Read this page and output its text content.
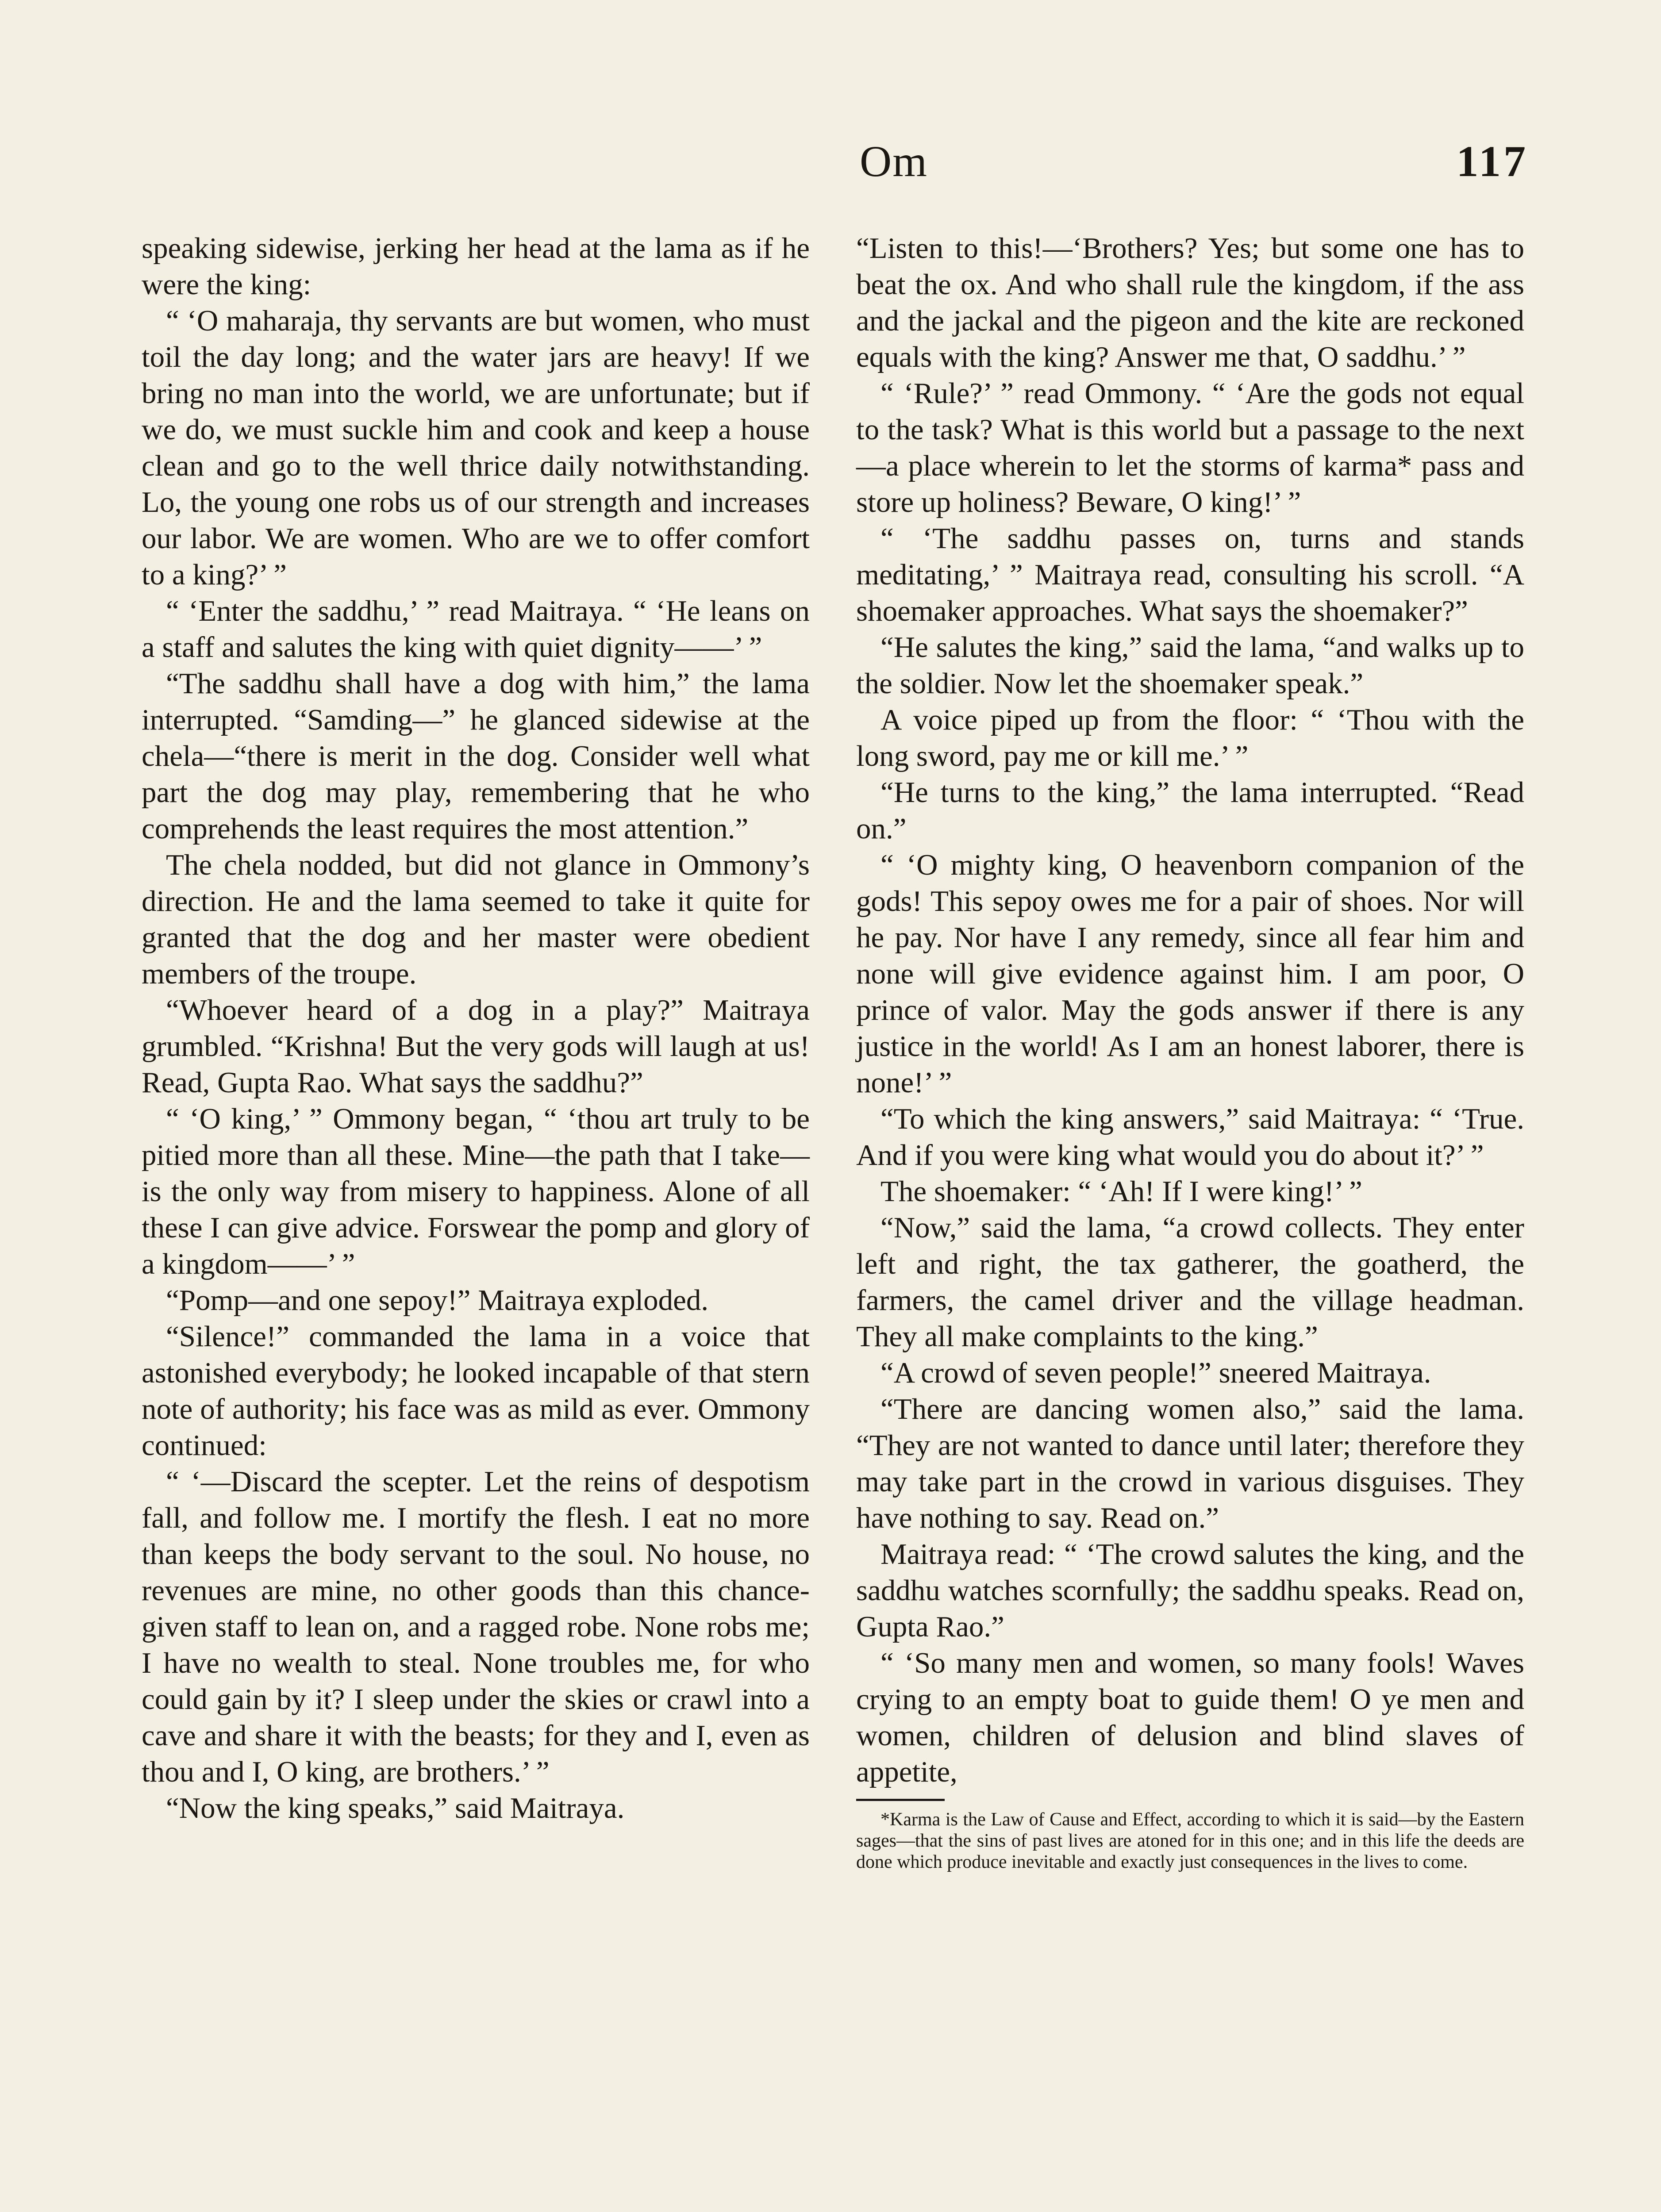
Om	117

speaking sidewise, jerking her head at the lama as if he were the king:

“ ‘O maharaja, thy servants are but women, who must toil the day long; and the water jars are heavy! If we bring no man into the world, we are unfortunate; but if we do, we must suckle him and cook and keep a house clean and go to the well thrice daily notwithstanding. Lo, the young one robs us of our strength and increases our labor. We are women. Who are we to offer comfort to a king?’ ”

“ ‘Enter the saddhu,’ ” read Maitraya. “ ‘He leans on a staff and salutes the king with quiet dignity——’ ”

“The saddhu shall have a dog with him,” the lama interrupted. “Samding—” he glanced sidewise at the chela—“there is merit in the dog. Consider well what part the dog may play, remembering that he who comprehends the least requires the most attention.”

The chela nodded, but did not glance in Ommony’s direction. He and the lama seemed to take it quite for granted that the dog and her master were obedient members of the troupe.

“Whoever heard of a dog in a play?” Maitraya grumbled. “Krishna! But the very gods will laugh at us! Read, Gupta Rao. What says the saddhu?”

“ ‘O king,’ ” Ommony began, “ ‘thou art truly to be pitied more than all these. Mine—the path that I take—is the only way from misery to happiness. Alone of all these I can give advice. Forswear the pomp and glory of a kingdom——’ ”

“Pomp—and one sepoy!” Maitraya exploded.

“Silence!” commanded the lama in a voice that astonished everybody; he looked incapable of that stern note of authority; his face was as mild as ever. Ommony continued:

“ ‘—Discard the scepter. Let the reins of despotism fall, and follow me. I mortify the flesh. I eat no more than keeps the body servant to the soul. No house, no revenues are mine, no other goods than this chance-given staff to lean on, and a ragged robe. None robs me; I have no wealth to steal. None troubles me, for who could gain by it? I sleep under the skies or crawl into a cave and share it with the beasts; for they and I, even as thou and I, O king, are brothers.’ ”

“Now the king speaks,” said Maitraya.

“Listen to this!—‘Brothers? Yes; but some one has to beat the ox. And who shall rule the kingdom, if the ass and the jackal and the pigeon and the kite are reckoned equals with the king? Answer me that, O saddhu.’ ”

“ ‘Rule?’ ” read Ommony. “ ‘Are the gods not equal to the task? What is this world but a passage to the next—a place wherein to let the storms of karma* pass and store up holiness? Beware, O king!’ ”

“ ‘The saddhu passes on, turns and stands meditating,’ ” Maitraya read, consulting his scroll. “A shoemaker approaches. What says the shoemaker?”

“He salutes the king,” said the lama, “and walks up to the soldier. Now let the shoemaker speak.”

A voice piped up from the floor: “ ‘Thou with the long sword, pay me or kill me.’ ”

“He turns to the king,” the lama interrupted. “Read on.”

“ ‘O mighty king, O heavenborn companion of the gods! This sepoy owes me for a pair of shoes. Nor will he pay. Nor have I any remedy, since all fear him and none will give evidence against him. I am poor, O prince of valor. May the gods answer if there is any justice in the world! As I am an honest laborer, there is none!’ ”

“To which the king answers,” said Maitraya: “ ‘True. And if you were king what would you do about it?’ ”

The shoemaker: “ ‘Ah! If I were king!’ ”

“Now,” said the lama, “a crowd collects. They enter left and right, the tax gatherer, the goatherd, the farmers, the camel driver and the village headman. They all make complaints to the king.”

“A crowd of seven people!” sneered Maitraya.

“There are dancing women also,” said the lama. “They are not wanted to dance until later; therefore they may take part in the crowd in various disguises. They have nothing to say. Read on.”

Maitraya read: “ ‘The crowd salutes the king, and the saddhu watches scornfully; the saddhu speaks. Read on, Gupta Rao.”

“ ‘So many men and women, so many fools! Waves crying to an empty boat to guide them! O ye men and women, children of delusion and blind slaves of appetite,

*Karma is the Law of Cause and Effect, according to which it is said—by the Eastern sages—that the sins of past lives are atoned for in this one; and in this life the deeds are done which produce inevitable and exactly just consequences in the lives to come.
